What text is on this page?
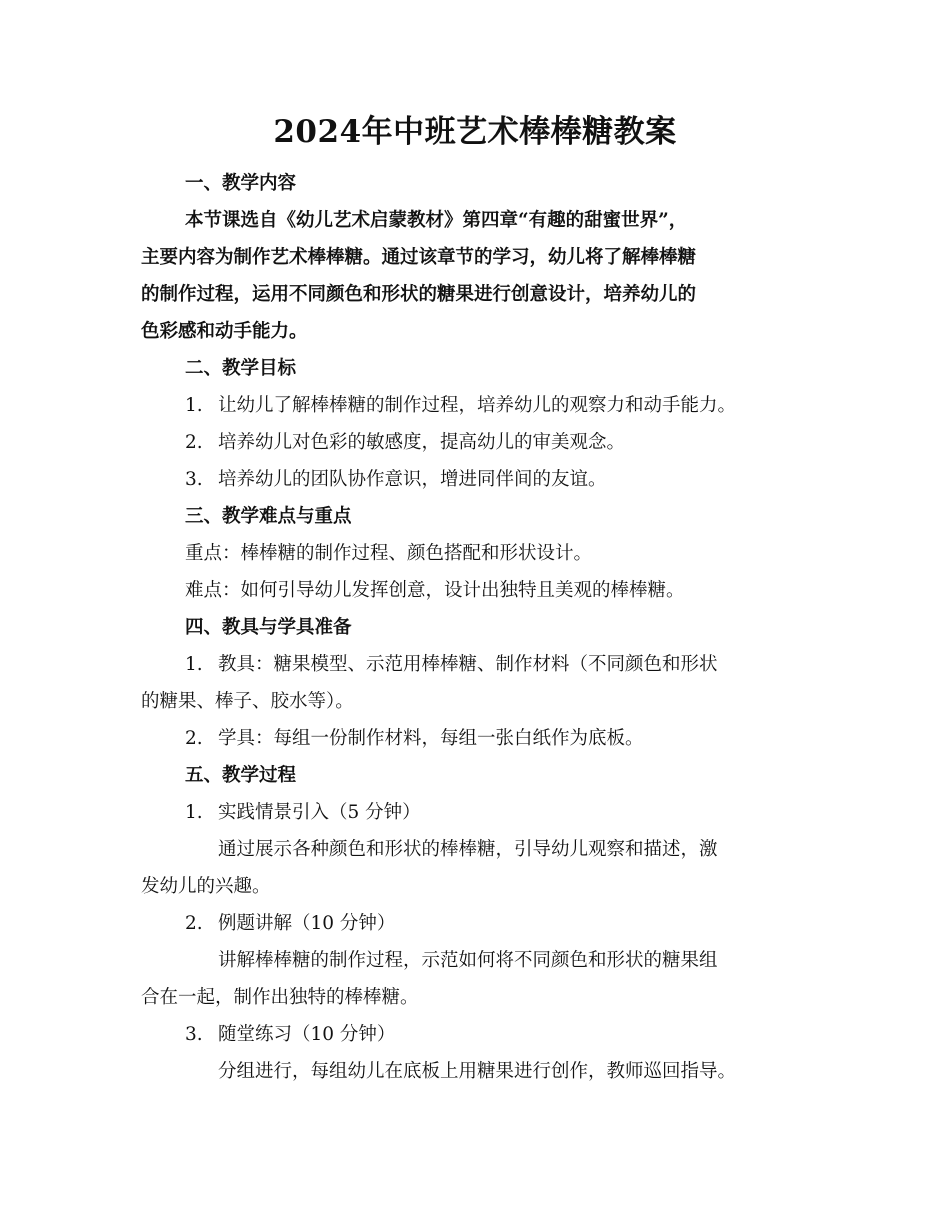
2024年中班艺术棒棒糖教案

一、教学内容

本节课选自《幼儿艺术启蒙教材》第四章“有趣的甜蜜世界”，

主要内容为制作艺术棒棒糖。通过该章节的学习，幼儿将了解棒棒糖

的制作过程，运用不同颜色和形状的糖果进行创意设计，培养幼儿的

色彩感和动手能力。

二、教学目标

1. 让幼儿了解棒棒糖的制作过程，培养幼儿的观察力和动手能力。

2. 培养幼儿对色彩的敏感度，提高幼儿的审美观念。

3. 培养幼儿的团队协作意识，增进同伴间的友谊。

三、教学难点与重点

重点：棒棒糖的制作过程、颜色搭配和形状设计。

难点：如何引导幼儿发挥创意，设计出独特且美观的棒棒糖。

四、教具与学具准备

1. 教具：糖果模型、示范用棒棒糖、制作材料（不同颜色和形状

的糖果、棒子、胶水等）。

2. 学具：每组一份制作材料，每组一张白纸作为底板。

五、教学过程

1. 实践情景引入（5 分钟）

通过展示各种颜色和形状的棒棒糖，引导幼儿观察和描述，激

发幼儿的兴趣。

2. 例题讲解（10 分钟）

讲解棒棒糖的制作过程，示范如何将不同颜色和形状的糖果组

合在一起，制作出独特的棒棒糖。

3. 随堂练习（10 分钟）

分组进行，每组幼儿在底板上用糖果进行创作，教师巡回指导。
